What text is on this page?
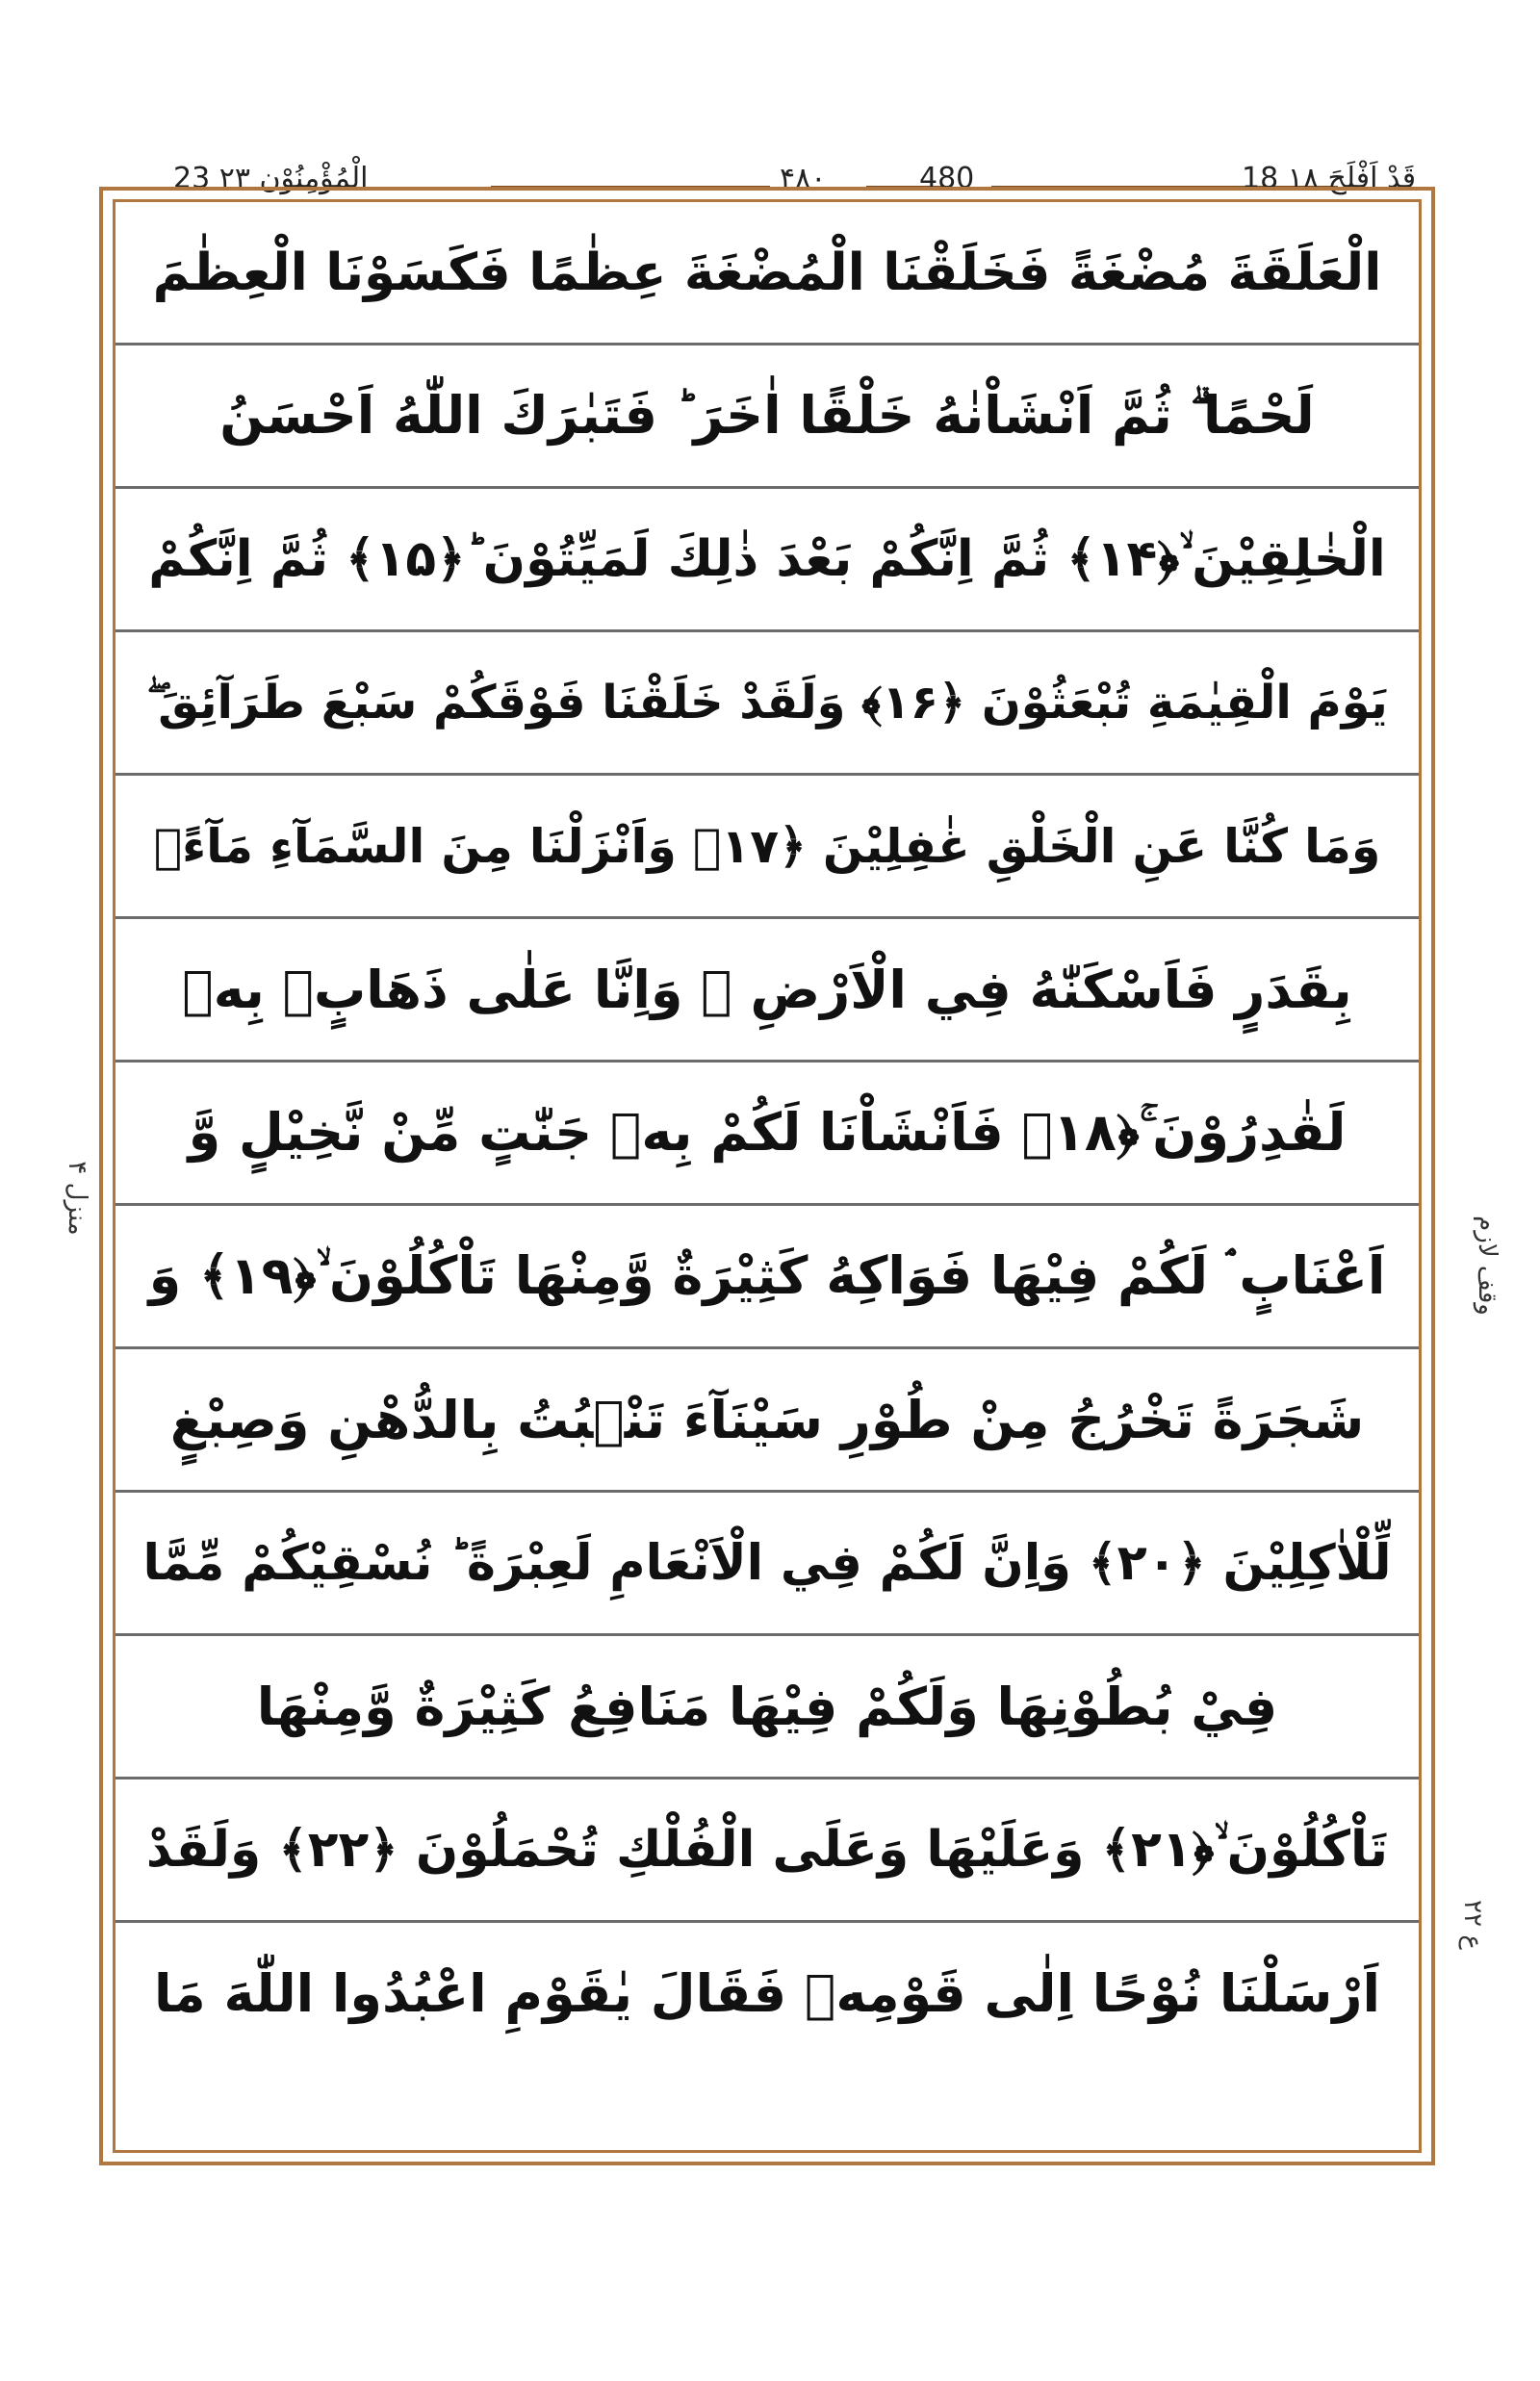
23 الْمُؤْمِنُوْن ۲۳	۴۸۰	480	18 قَدْ اَفْلَحَ ۱۸
الْعَلَقَةَ مُضْغَةً فَخَلَقْنَا الْمُضْغَةَ عِظٰمًا فَكَسَوْنَا الْعِظٰمَ
لَحْمًا ۗ ثُمَّ اَنْشَاْنٰهُ خَلْقًا اٰخَرَ ؕ فَتَبٰرَكَ اللّٰهُ اَحْسَنُ
الْخٰلِقِيْنَ ۙ﴿۱۴﴾ ثُمَّ اِنَّكُمْ بَعْدَ ذٰلِكَ لَمَيِّتُوْنَ ؕ﴿۱۵﴾ ثُمَّ اِنَّكُمْ
يَوْمَ الْقِيٰمَةِ تُبْعَثُوْنَ ﴿۱۶﴾ وَلَقَدْ خَلَقْنَا فَوْقَكُمْ سَبْعَ طَرَآئِقَ ۖ
وَمَا كُنَّا عَنِ الْخَلْقِ غٰفِلِيْنَ ﴿۱۷﴾ وَاَنْزَلْنَا مِنَ السَّمَآءِ مَآءًۢ
بِقَدَرٍ فَاَسْكَنّٰهُ فِي الْاَرْضِ ۖ وَاِنَّا عَلٰى ذَهَابٍۢ بِهٖ
لَقٰدِرُوْنَ ۚ﴿۱۸﴾ فَاَنْشَاْنَا لَكُمْ بِهٖ جَنّٰتٍ مِّنْ نَّخِيْلٍ وَّ
اَعْنَابٍ ۘ لَكُمْ فِيْهَا فَوَاكِهُ كَثِيْرَةٌ وَّمِنْهَا تَاْكُلُوْنَ ۙ﴿۱۹﴾ وَ
شَجَرَةً تَخْرُجُ مِنْ طُوْرِ سَيْنَآءَ تَنْۢبُتُ بِالدُّهْنِ وَصِبْغٍ
لِّلْاٰكِلِيْنَ ﴿۲۰﴾ وَاِنَّ لَكُمْ فِي الْاَنْعَامِ لَعِبْرَةً ؕ نُسْقِيْكُمْ مِّمَّا
فِيْ بُطُوْنِهَا وَلَكُمْ فِيْهَا مَنَافِعُ كَثِيْرَةٌ وَّمِنْهَا
تَاْكُلُوْنَ ۙ﴿۲۱﴾ وَعَلَيْهَا وَعَلَى الْفُلْكِ تُحْمَلُوْنَ ﴿۲۲﴾ وَلَقَدْ
اَرْسَلْنَا نُوْحًا اِلٰى قَوْمِهٖ فَقَالَ يٰقَوْمِ اعْبُدُوا اللّٰهَ مَا
منزل ۴
وقف لازم
ع ۲۲
